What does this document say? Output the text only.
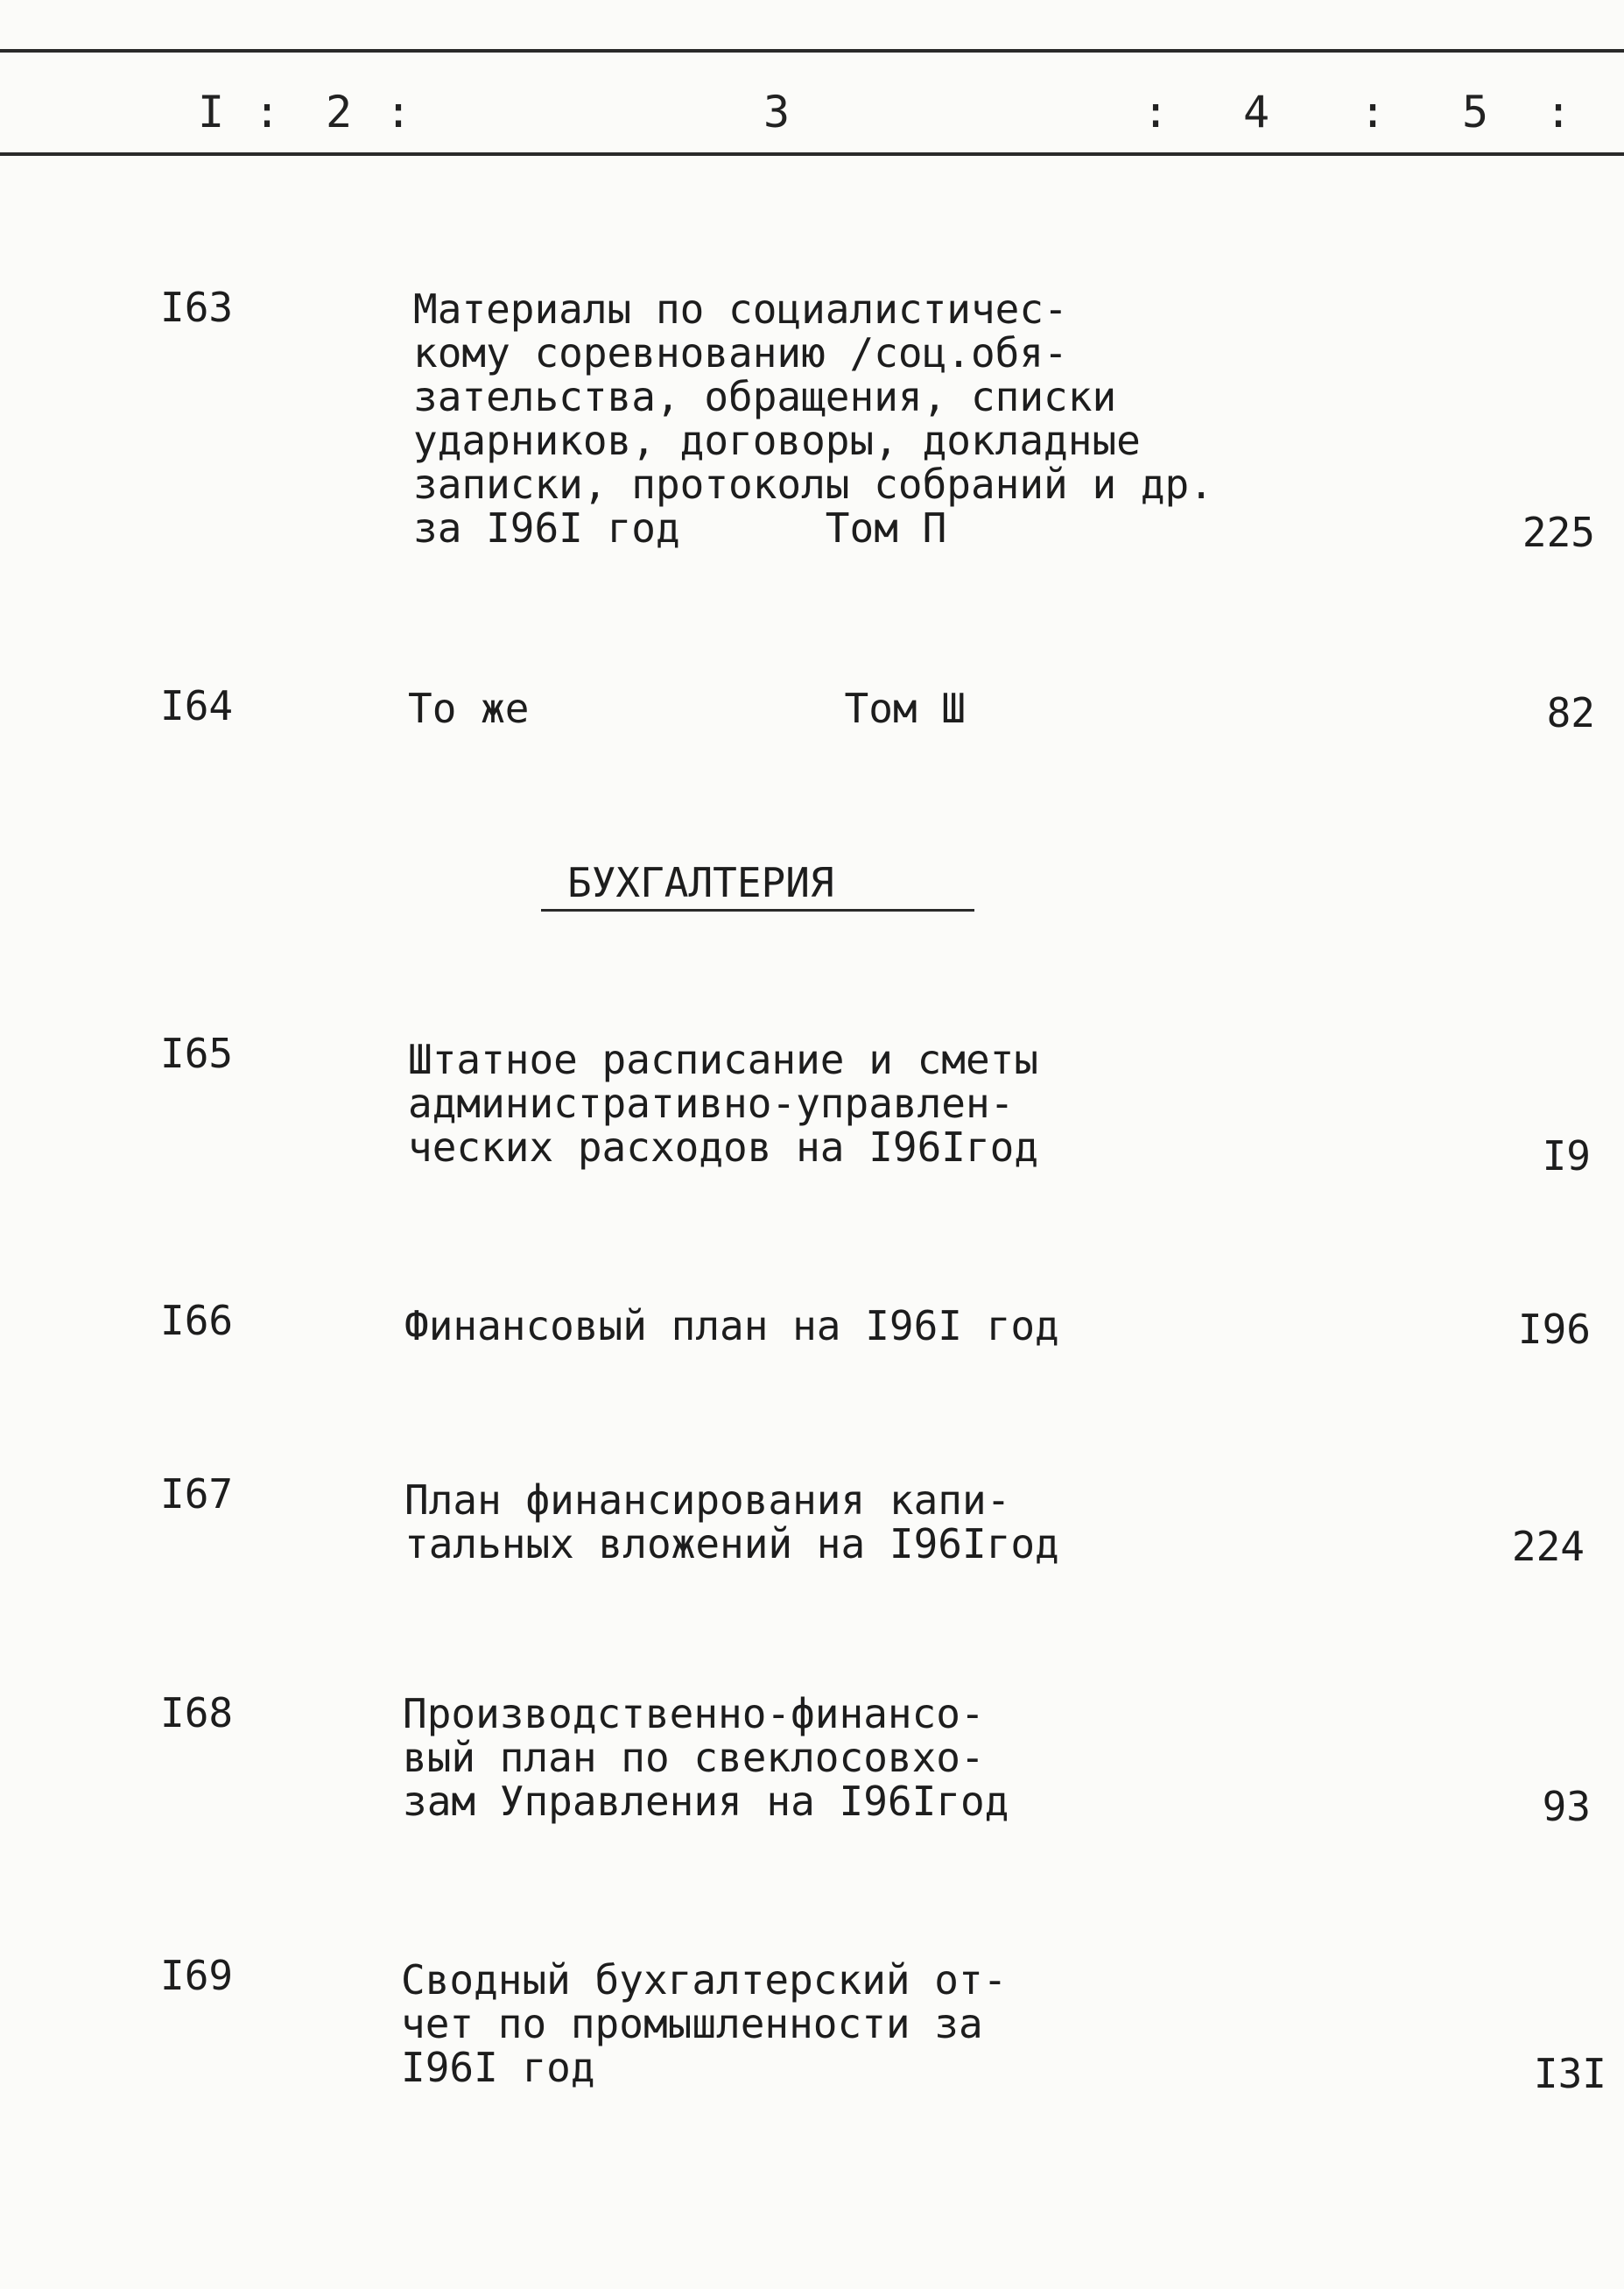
I : 2 :	3	: 4 : 5 :
I63	Материалы по социалистичес-
кому соревнованию /соц.обя-
зательства, обращения, списки
ударников, договоры, докладные
записки, протоколы собраний и др.
за I96I год      Том П	225
I64	То же             Том Ш	82
БУХГАЛТЕРИЯ
I65	Штатное расписание и сметы
административно-управлен-
ческих расходов на I96Iгод	I9
I66	Финансовый план на I96I год	I96
I67	План финансирования капи-
тальных вложений на I96Iгод	224
I68	Производственно-финансо-
вый план по свеклосовхо-
зам Управления на I96Iгод	93
I69	Сводный бухгалтерский от-
чет по промышленности за
I96I год	I3I
